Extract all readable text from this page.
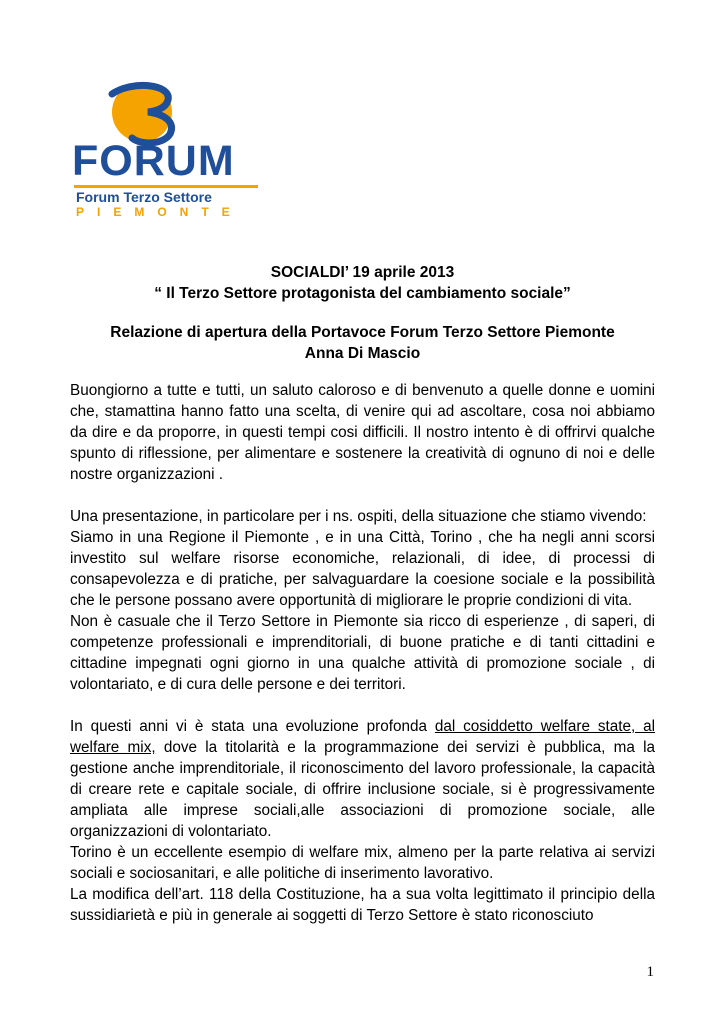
FORUM
Forum Terzo Settore
PIEMONTE
SOCIALDI’ 19 aprile 2013
“ Il Terzo Settore protagonista del cambiamento sociale”
Relazione di apertura della Portavoce Forum Terzo Settore Piemonte
Anna Di Mascio

Buongiorno a tutte e tutti, un saluto caloroso e di benvenuto a quelle donne e uomini che, stamattina hanno fatto una scelta, di venire qui ad ascoltare, cosa noi abbiamo da dire e da proporre, in questi tempi cosi difficili. Il nostro intento è di offrirvi qualche spunto di riflessione, per alimentare e sostenere la creatività di ognuno di noi e delle nostre organizzazioni .

Una presentazione, in particolare per i ns. ospiti, della situazione che stiamo vivendo:

Siamo in una Regione il Piemonte , e in una Città, Torino , che ha negli anni scorsi investito sul welfare risorse economiche, relazionali, di idee, di processi di consapevolezza e di pratiche, per salvaguardare la coesione sociale e la possibilità che le persone possano avere opportunità di migliorare le proprie condizioni di vita.

Non è casuale che il Terzo Settore in Piemonte sia ricco di esperienze , di saperi, di competenze professionali e imprenditoriali, di buone pratiche e di tanti cittadini e cittadine impegnati ogni giorno in una qualche attività di promozione sociale , di volontariato, e di cura delle persone e dei territori.

In questi anni vi è stata una evoluzione profonda dal cosiddetto welfare state, al welfare mix, dove la titolarità e la programmazione dei servizi è pubblica, ma la gestione anche imprenditoriale, il riconoscimento del lavoro professionale, la capacità di creare rete e capitale sociale, di offrire inclusione sociale, si è progressivamente ampliata alle imprese sociali,alle associazioni di promozione sociale, alle organizzazioni di volontariato.

Torino è un eccellente esempio di welfare mix, almeno per la parte relativa ai servizi sociali e sociosanitari, e alle politiche di inserimento lavorativo.

La modifica dell’art. 118 della Costituzione, ha a sua volta legittimato il principio della sussidiarietà e più in generale ai soggetti di Terzo Settore è stato riconosciuto

1
